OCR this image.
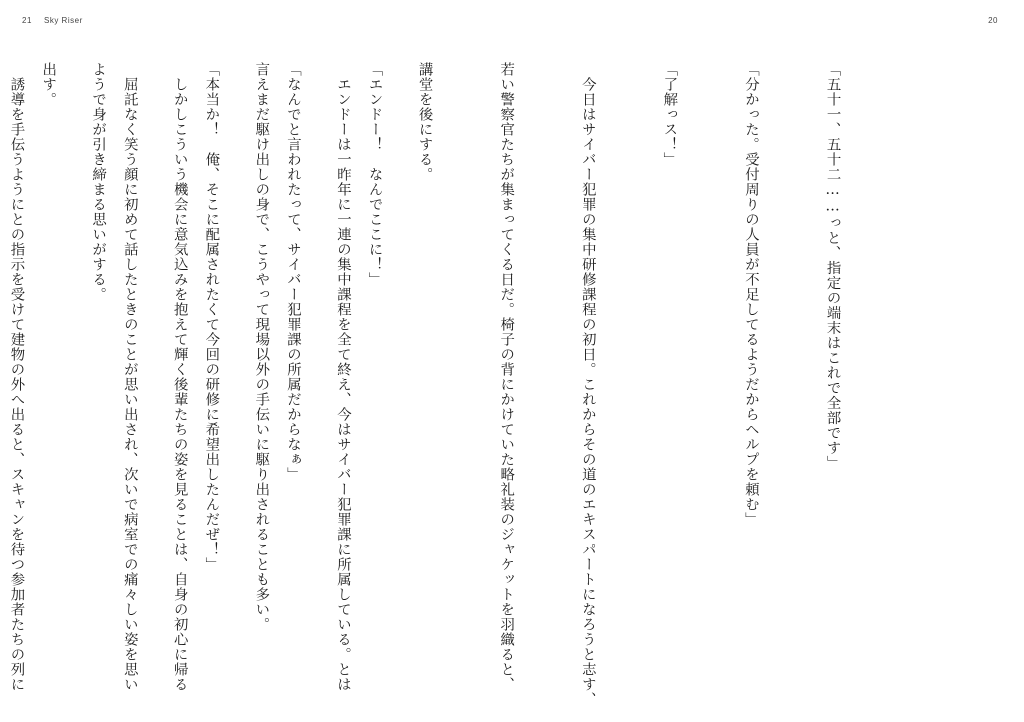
21 Sky Riser	20

「五十一、五十二……っと、指定の端末はこれで全部です」

「分かった。受付周りの人員が不足してるようだからヘルプを頼む」

「了解っス！」

　今日はサイバー犯罪の集中研修課程の初日。これからその道のエキスパートになろうと志す、

若い警察官たちが集まってくる日だ。椅子の背にかけていた略礼装のジャケットを羽織ると、

講堂を後にする。

　エンドーは一昨年に一連の集中課程を全て終え、今はサイバー犯罪課に所属している。とは

言えまだ駆け出しの身で、こうやって現場以外の手伝いに駆り出されることも多い。

　しかしこういう機会に意気込みを抱えて輝く後輩たちの姿を見ることは、自身の初心に帰る

ようで身が引き締まる思いがする。

　誘導を手伝うようにとの指示を受けて建物の外へ出ると、スキャンを待つ参加者たちの列に

	「エンドー！　なんでここに！」

「なんでと言われたって、サイバー犯罪課の所属だからなぁ」

「本当か！　俺、そこに配属されたくて今回の研修に希望出したんだぜ！」

　屈託なく笑う顔に初めて話したときのことが思い出され、次いで病室での痛々しい姿を思い

出す。
